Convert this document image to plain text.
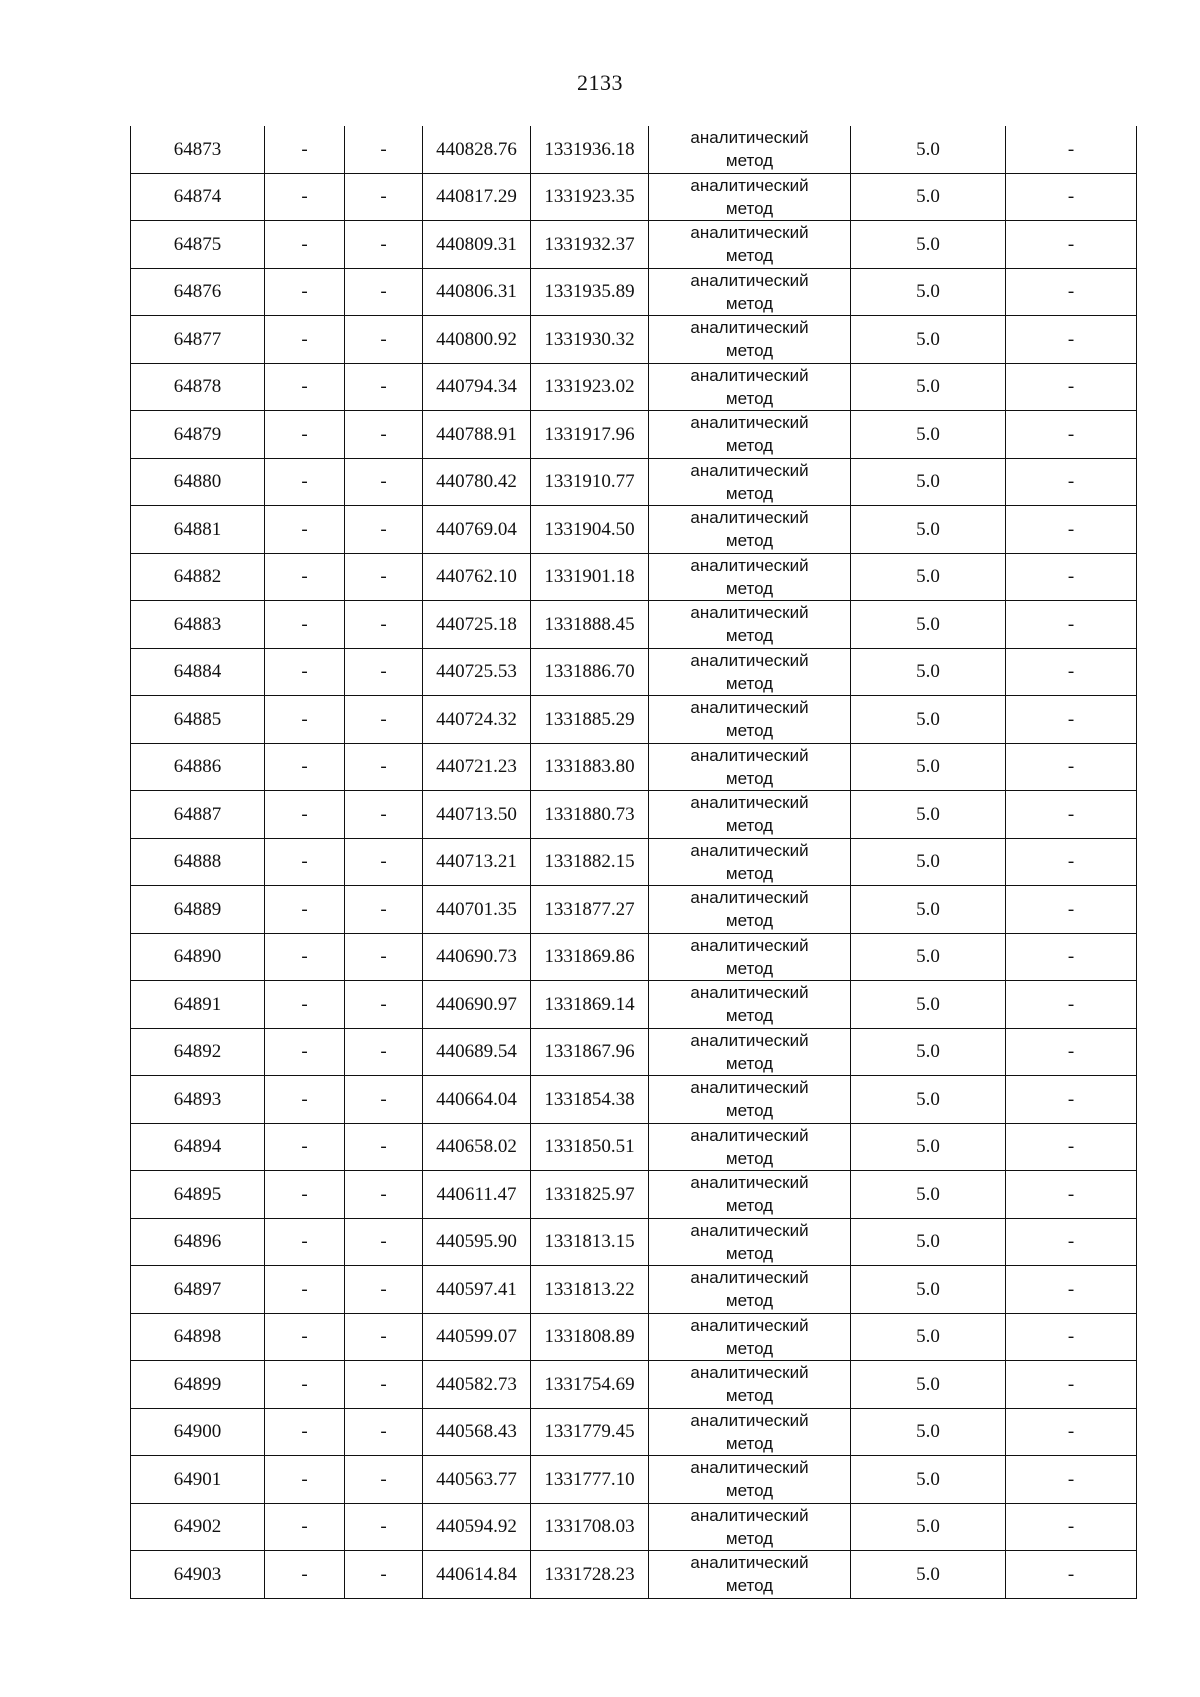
2133
64873	-	-	440828.76	1331936.18	аналитический
метод	5.0	-
64874	-	-	440817.29	1331923.35	аналитический
метод	5.0	-
64875	-	-	440809.31	1331932.37	аналитический
метод	5.0	-
64876	-	-	440806.31	1331935.89	аналитический
метод	5.0	-
64877	-	-	440800.92	1331930.32	аналитический
метод	5.0	-
64878	-	-	440794.34	1331923.02	аналитический
метод	5.0	-
64879	-	-	440788.91	1331917.96	аналитический
метод	5.0	-
64880	-	-	440780.42	1331910.77	аналитический
метод	5.0	-
64881	-	-	440769.04	1331904.50	аналитический
метод	5.0	-
64882	-	-	440762.10	1331901.18	аналитический
метод	5.0	-
64883	-	-	440725.18	1331888.45	аналитический
метод	5.0	-
64884	-	-	440725.53	1331886.70	аналитический
метод	5.0	-
64885	-	-	440724.32	1331885.29	аналитический
метод	5.0	-
64886	-	-	440721.23	1331883.80	аналитический
метод	5.0	-
64887	-	-	440713.50	1331880.73	аналитический
метод	5.0	-
64888	-	-	440713.21	1331882.15	аналитический
метод	5.0	-
64889	-	-	440701.35	1331877.27	аналитический
метод	5.0	-
64890	-	-	440690.73	1331869.86	аналитический
метод	5.0	-
64891	-	-	440690.97	1331869.14	аналитический
метод	5.0	-
64892	-	-	440689.54	1331867.96	аналитический
метод	5.0	-
64893	-	-	440664.04	1331854.38	аналитический
метод	5.0	-
64894	-	-	440658.02	1331850.51	аналитический
метод	5.0	-
64895	-	-	440611.47	1331825.97	аналитический
метод	5.0	-
64896	-	-	440595.90	1331813.15	аналитический
метод	5.0	-
64897	-	-	440597.41	1331813.22	аналитический
метод	5.0	-
64898	-	-	440599.07	1331808.89	аналитический
метод	5.0	-
64899	-	-	440582.73	1331754.69	аналитический
метод	5.0	-
64900	-	-	440568.43	1331779.45	аналитический
метод	5.0	-
64901	-	-	440563.77	1331777.10	аналитический
метод	5.0	-
64902	-	-	440594.92	1331708.03	аналитический
метод	5.0	-
64903	-	-	440614.84	1331728.23	аналитический
метод	5.0	-
